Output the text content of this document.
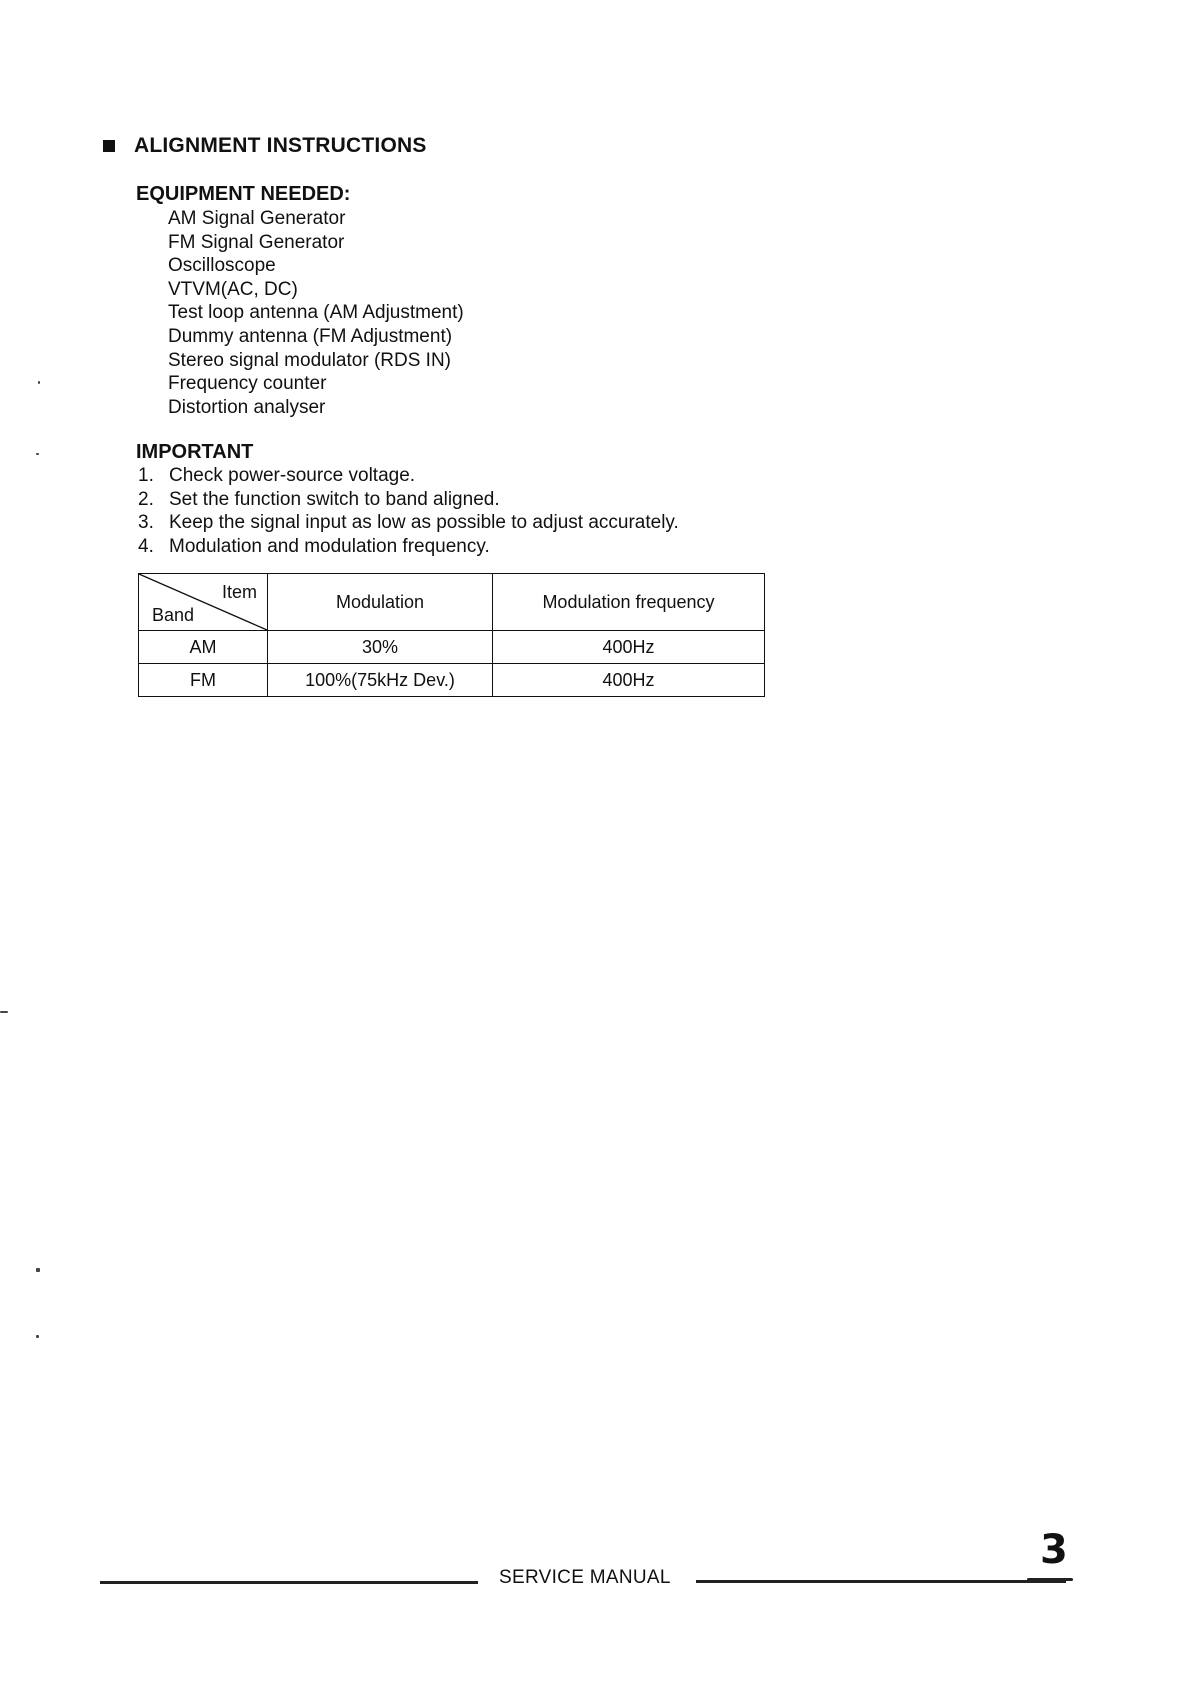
ALIGNMENT INSTRUCTIONS
EQUIPMENT NEEDED:
AM Signal Generator
FM Signal Generator
Oscilloscope
VTVM(AC, DC)
Test loop antenna (AM Adjustment)
Dummy antenna (FM Adjustment)
Stereo signal modulator (RDS IN)
Frequency counter
Distortion analyser
IMPORTANT
1. Check power-source voltage.
2. Set the function switch to band aligned.
3. Keep the signal input as low as possible to adjust accurately.
4. Modulation and modulation frequency.
Item
Band	Modulation	Modulation frequency
AM	30%	400Hz
FM	100%(75kHz Dev.)	400Hz
SERVICE MANUAL
3
